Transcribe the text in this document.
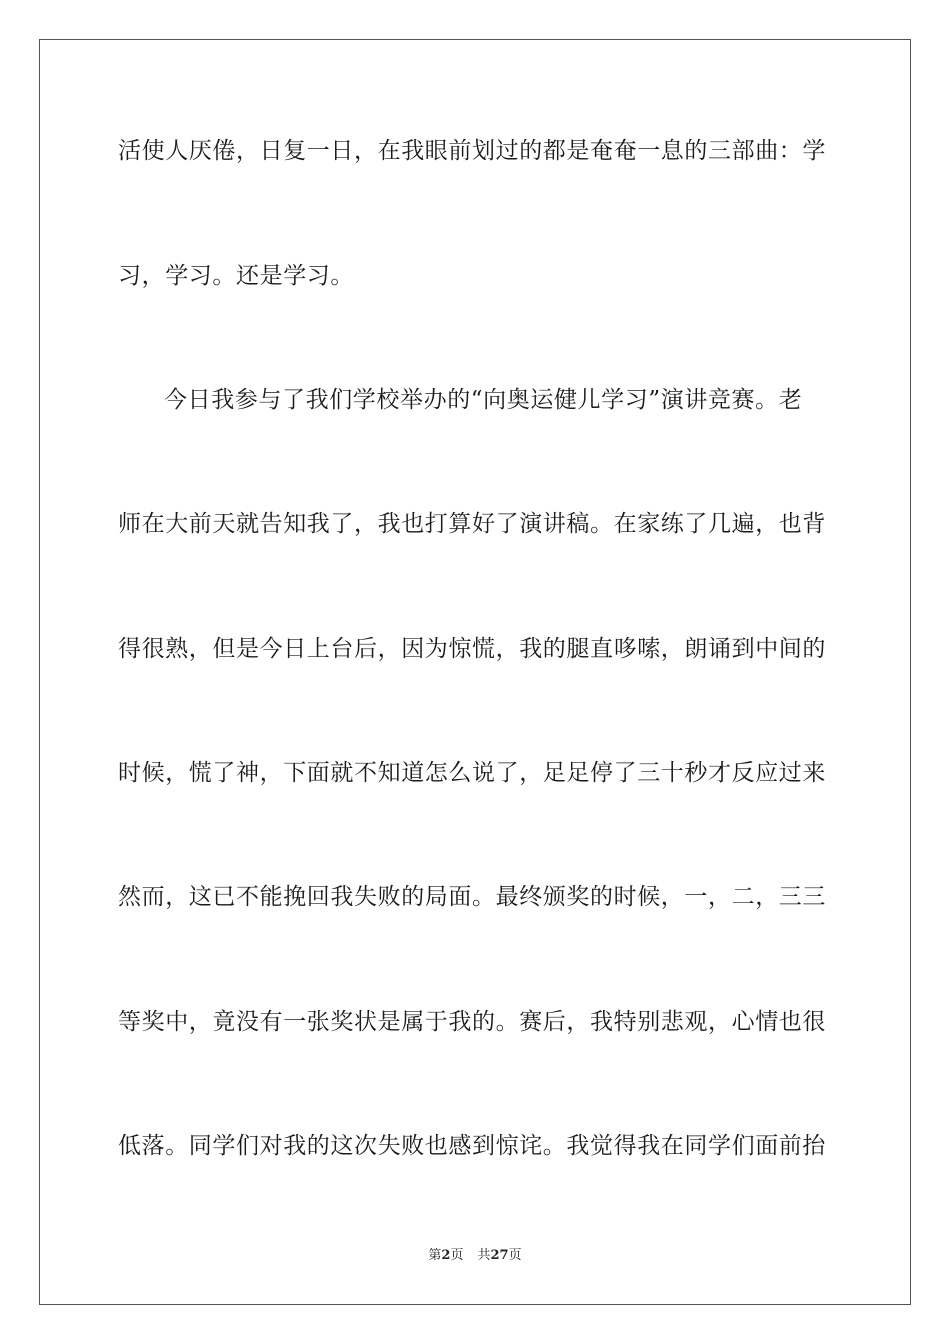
活使人厌倦，日复一日，在我眼前划过的都是奄奄一息的三部曲：学
习，学习。还是学习。
今日我参与了我们学校举办的“向奥运健儿学习”演讲竞赛。老
师在大前天就告知我了，我也打算好了演讲稿。在家练了几遍，也背
得很熟，但是今日上台后，因为惊慌，我的腿直哆嗦，朗诵到中间的
时候，慌了神，下面就不知道怎么说了，足足停了三十秒才反应过来
然而，这已不能挽回我失败的局面。最终颁奖的时候，一，二，三三
等奖中，竟没有一张奖状是属于我的。赛后，我特别悲观，心情也很
低落。同学们对我的这次失败也感到惊诧。我觉得我在同学们面前抬
第2页 共27页
